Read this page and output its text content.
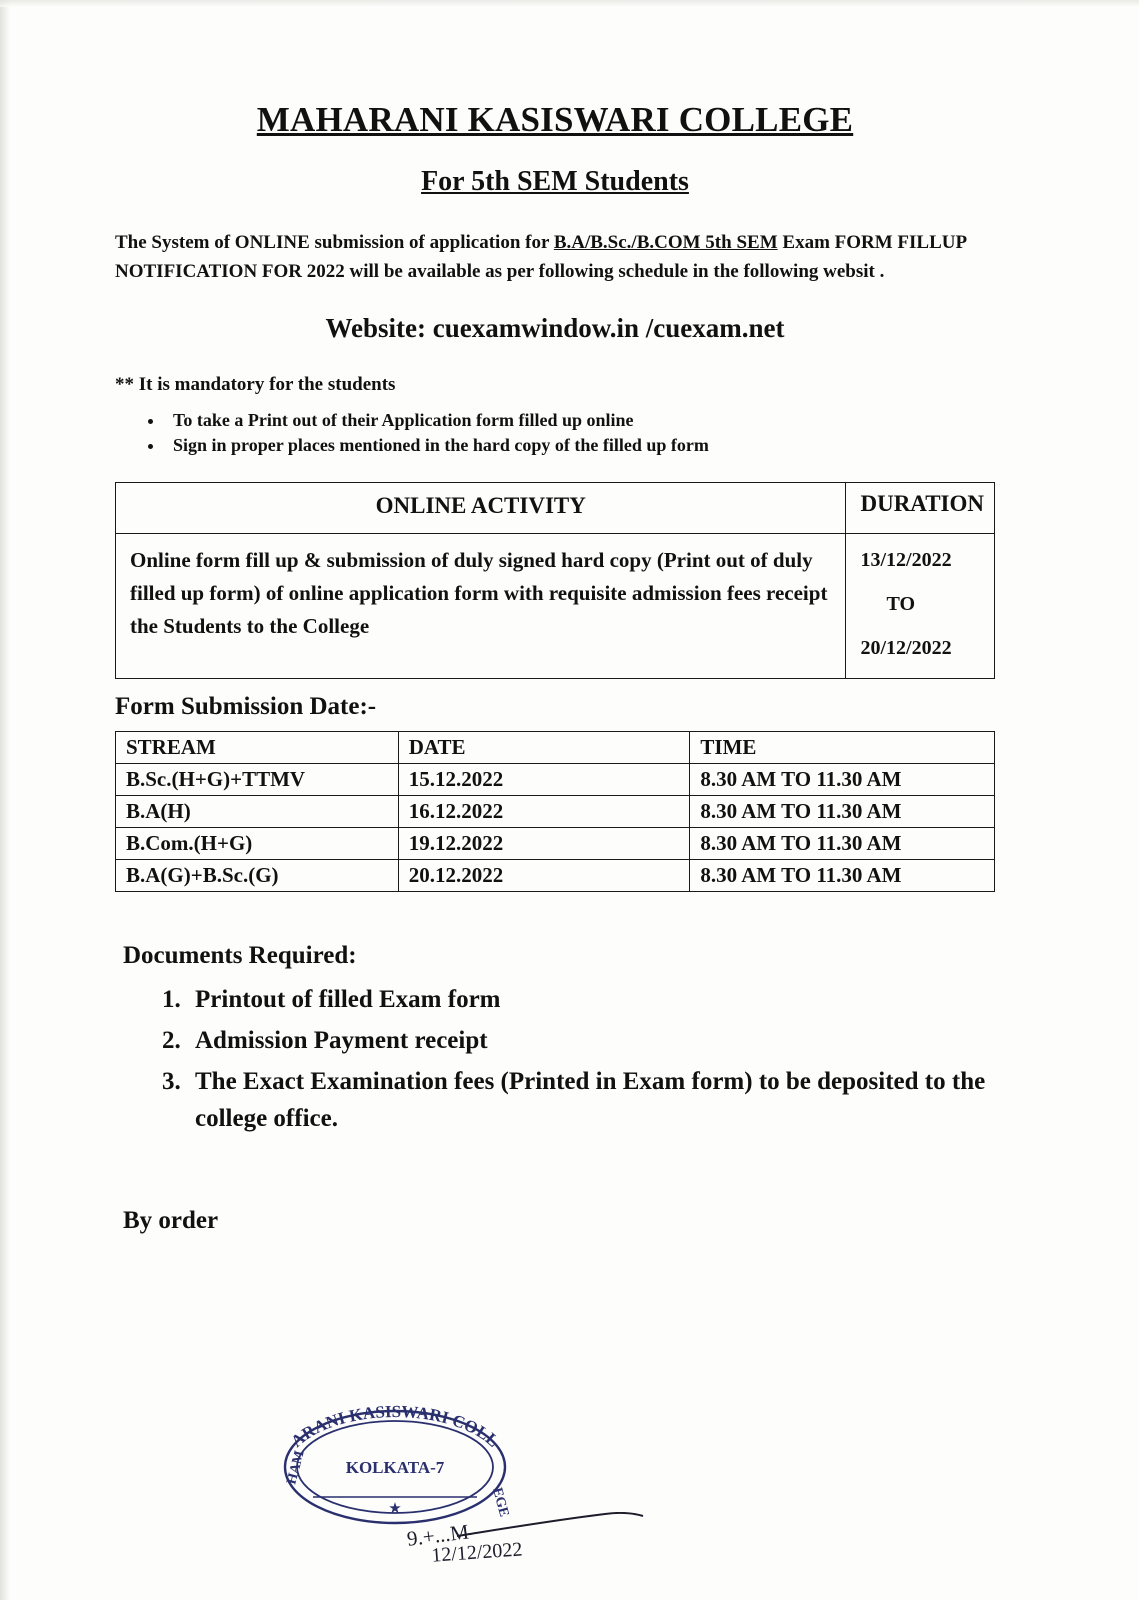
MAHARANI KASISWARI COLLEGE
For 5th SEM Students

The System of ONLINE submission of application for B.A/B.Sc./B.COM 5th SEM Exam FORM FILLUP NOTIFICATION FOR 2022 will be available as per following schedule in the following websit .

Website: cuexamwindow.in /cuexam.net

** It is mandatory for the students

• To take a Print out of their Application form filled up online
• Sign in proper places mentioned in the hard copy of the filled up form
ONLINE ACTIVITY	DURATION
Online form fill up & submission of duly signed hard copy (Print out of duly filled up form) of online application form with requisite admission fees receipt the Students to the College	13/12/2022
TO
20/12/2022
Form Submission Date:-
STREAM	DATE	TIME
B.Sc.(H+G)+TTMV	15.12.2022	8.30 AM TO 11.30 AM
B.A(H)	16.12.2022	8.30 AM TO 11.30 AM
B.Com.(H+G)	19.12.2022	8.30 AM TO 11.30 AM
B.A(G)+B.Sc.(G)	20.12.2022	8.30 AM TO 11.30 AM
Documents Required:
1. Printout of filled Exam form
2. Admission Payment receipt
3. The Exact Examination fees (Printed in Exam form) to be deposited to the college office.
By order
ARANI KASISWARI COLL
KOLKATA-7
★
HAM
EGE
9.+...M
12/12/2022
